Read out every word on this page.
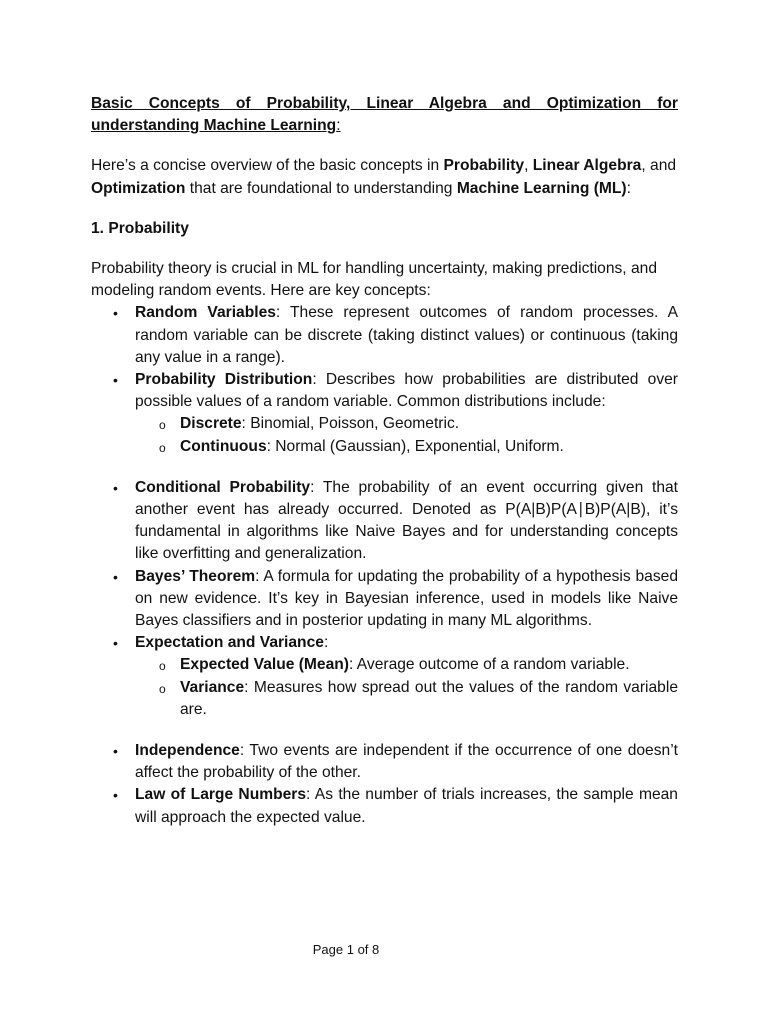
Basic Concepts of Probability, Linear Algebra and Optimization for understanding Machine Learning:

Here’s a concise overview of the basic concepts in Probability, Linear Algebra, and Optimization that are foundational to understanding Machine Learning (ML):

1. Probability

Probability theory is crucial in ML for handling uncertainty, making predictions, and modeling random events. Here are key concepts:

• Random Variables: These represent outcomes of random processes. A random variable can be discrete (taking distinct values) or continuous (taking any value in a range).
• Probability Distribution: Describes how probabilities are distributed over possible values of a random variable. Common distributions include:
o Discrete: Binomial, Poisson, Geometric.
o Continuous: Normal (Gaussian), Exponential, Uniform.
• Conditional Probability: The probability of an event occurring given that another event has already occurred. Denoted as P(A|B)P(A∣B)P(A|B), it’s fundamental in algorithms like Naive Bayes and for understanding concepts like overfitting and generalization.
• Bayes’ Theorem: A formula for updating the probability of a hypothesis based on new evidence. It’s key in Bayesian inference, used in models like Naive Bayes classifiers and in posterior updating in many ML algorithms.
• Expectation and Variance:
o Expected Value (Mean): Average outcome of a random variable.
o Variance: Measures how spread out the values of the random variable are.
• Independence: Two events are independent if the occurrence of one doesn’t affect the probability of the other.
• Law of Large Numbers: As the number of trials increases, the sample mean will approach the expected value.
Page 1 of 8
